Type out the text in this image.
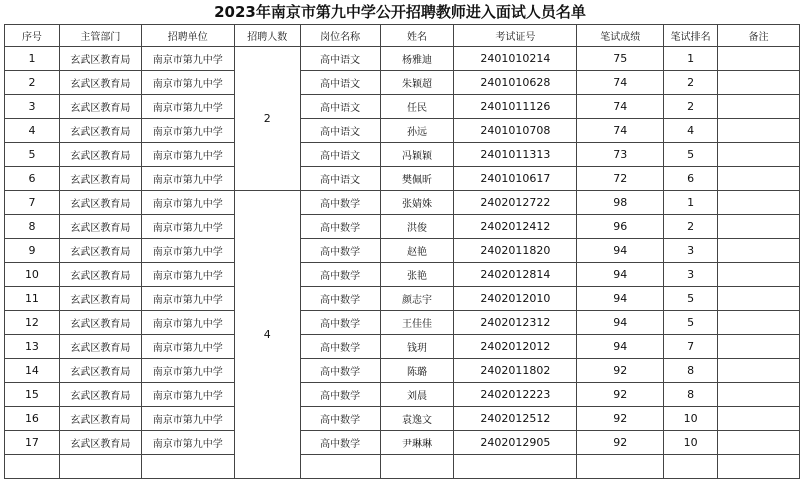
2023年南京市第九中学公开招聘教师进入面试人员名单
序号	主管部门	招聘单位	招聘人数	岗位名称	姓名	考试证号	笔试成绩	笔试排名	备注
1	玄武区教育局	南京市第九中学	2	高中语文	杨雅迪	2401010214	75	1	
2	玄武区教育局	南京市第九中学		高中语文	朱颖超	2401010628	74	2	
3	玄武区教育局	南京市第九中学		高中语文	任民	2401011126	74	2	
4	玄武区教育局	南京市第九中学		高中语文	孙远	2401010708	74	4	
5	玄武区教育局	南京市第九中学		高中语文	冯颖颖	2401011313	73	5	
6	玄武区教育局	南京市第九中学		高中语文	樊佩昕	2401010617	72	6	
7	玄武区教育局	南京市第九中学	4	高中数学	张婧姝	2402012722	98	1	
8	玄武区教育局	南京市第九中学		高中数学	洪俊	2402012412	96	2	
9	玄武区教育局	南京市第九中学		高中数学	赵艳	2402011820	94	3	
10	玄武区教育局	南京市第九中学		高中数学	张艳	2402012814	94	3	
11	玄武区教育局	南京市第九中学		高中数学	颜志宇	2402012010	94	5	
12	玄武区教育局	南京市第九中学		高中数学	王佳佳	2402012312	94	5	
13	玄武区教育局	南京市第九中学		高中数学	钱玥	2402012012	94	7	
14	玄武区教育局	南京市第九中学		高中数学	陈璐	2402011802	92	8	
15	玄武区教育局	南京市第九中学		高中数学	刘晨	2402012223	92	8	
16	玄武区教育局	南京市第九中学		高中数学	袁逸文	2402012512	92	10	
17	玄武区教育局	南京市第九中学		高中数学	尹琳琳	2402012905	92	10	
